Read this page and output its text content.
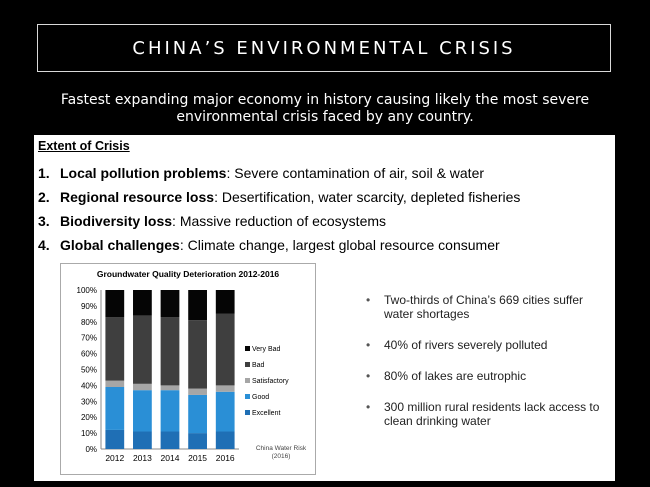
CHINA’S ENVIRONMENTAL CRISIS
Fastest expanding major economy in history causing likely the most severe environmental crisis faced by any country.
Extent of Crisis
1. Local pollution problems: Severe contamination of air, soil & water
2. Regional resource loss: Desertification, water scarcity, depleted fisheries
3. Biodiversity loss: Massive reduction of ecosystems
4. Global challenges: Climate change, largest global resource consumer
Groundwater Quality Deterioration 2012-2016
0%
10%
20%
30%
40%
50%
60%
70%
80%
90%
100%
2012 2013 2014 2015 2016
Very Bad
Bad
Satisfactory
Good
Excellent
China Water Risk
(2016)
• Two-thirds of China’s 669 cities suffer water shortages
• 40% of rivers severely polluted
• 80% of lakes are eutrophic
• 300 million rural residents lack access to clean drinking water
